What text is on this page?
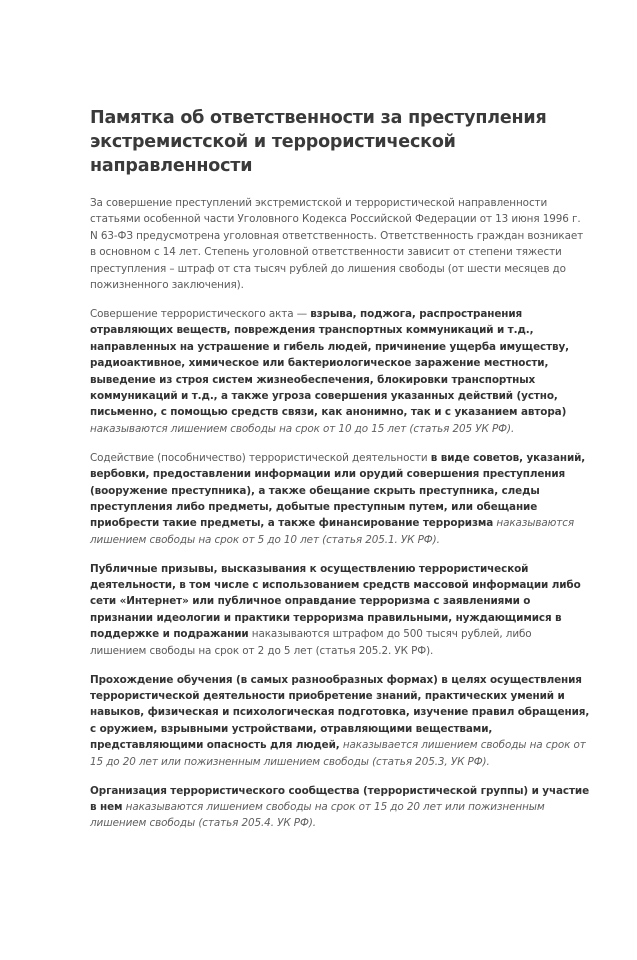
Памятка об ответственности за преступления экстремистской и террористической направленности

За совершение преступлений экстремистской и террористической направленности статьями особенной части Уголовного Кодекса Российской Федерации от 13 июня 1996 г. N 63-ФЗ предусмотрена уголовная ответственность. Ответственность граждан возникает в основном с 14 лет. Степень уголовной ответственности зависит от степени тяжести преступления – штраф от ста тысяч рублей до лишения свободы (от шести месяцев до пожизненного заключения).

Совершение террористического акта — взрыва, поджога, распространения отравляющих веществ, повреждения транспортных коммуникаций и т.д., направленных на устрашение и гибель людей, причинение ущерба имуществу, радиоактивное, химическое или бактериологическое заражение местности, выведение из строя систем жизнеобеспечения, блокировки транспортных коммуникаций и т.д., а также угроза совершения указанных действий (устно, письменно, с помощью средств связи, как анонимно, так и с указанием автора) наказываются лишением свободы на срок от 10 до 15 лет (статья 205 УК РФ).

Содействие (пособничество) террористической деятельности в виде советов, указаний, вербовки, предоставлении информации или орудий совершения преступления (вооружение преступника), а также обещание скрыть преступника, следы преступления либо предметы, добытые преступным путем, или обещание приобрести такие предметы, а также финансирование терроризма наказываются лишением свободы на срок от 5 до 10 лет (статья 205.1. УК РФ).

Публичные призывы, высказывания к осуществлению террористической деятельности, в том числе с использованием средств массовой информации либо сети «Интернет» или публичное оправдание терроризма с заявлениями о признании идеологии и практики терроризма правильными, нуждающимися в поддержке и подражании наказываются штрафом до 500 тысяч рублей, либо лишением свободы на срок от 2 до 5 лет (статья 205.2. УК РФ).

Прохождение обучения (в самых разнообразных формах) в целях осуществления террористической деятельности приобретение знаний, практических умений и навыков, физическая и психологическая подготовка, изучение правил обращения, с оружием, взрывными устройствами, отравляющими веществами, представляющими опасность для людей, наказывается лишением свободы на срок от 15 до 20 лет или пожизненным лишением свободы (статья 205.3, УК РФ).

Организация террористического сообщества (террористической группы) и участие в нем наказываются лишением свободы на срок от 15 до 20 лет или пожизненным лишением свободы (статья 205.4. УК РФ).
